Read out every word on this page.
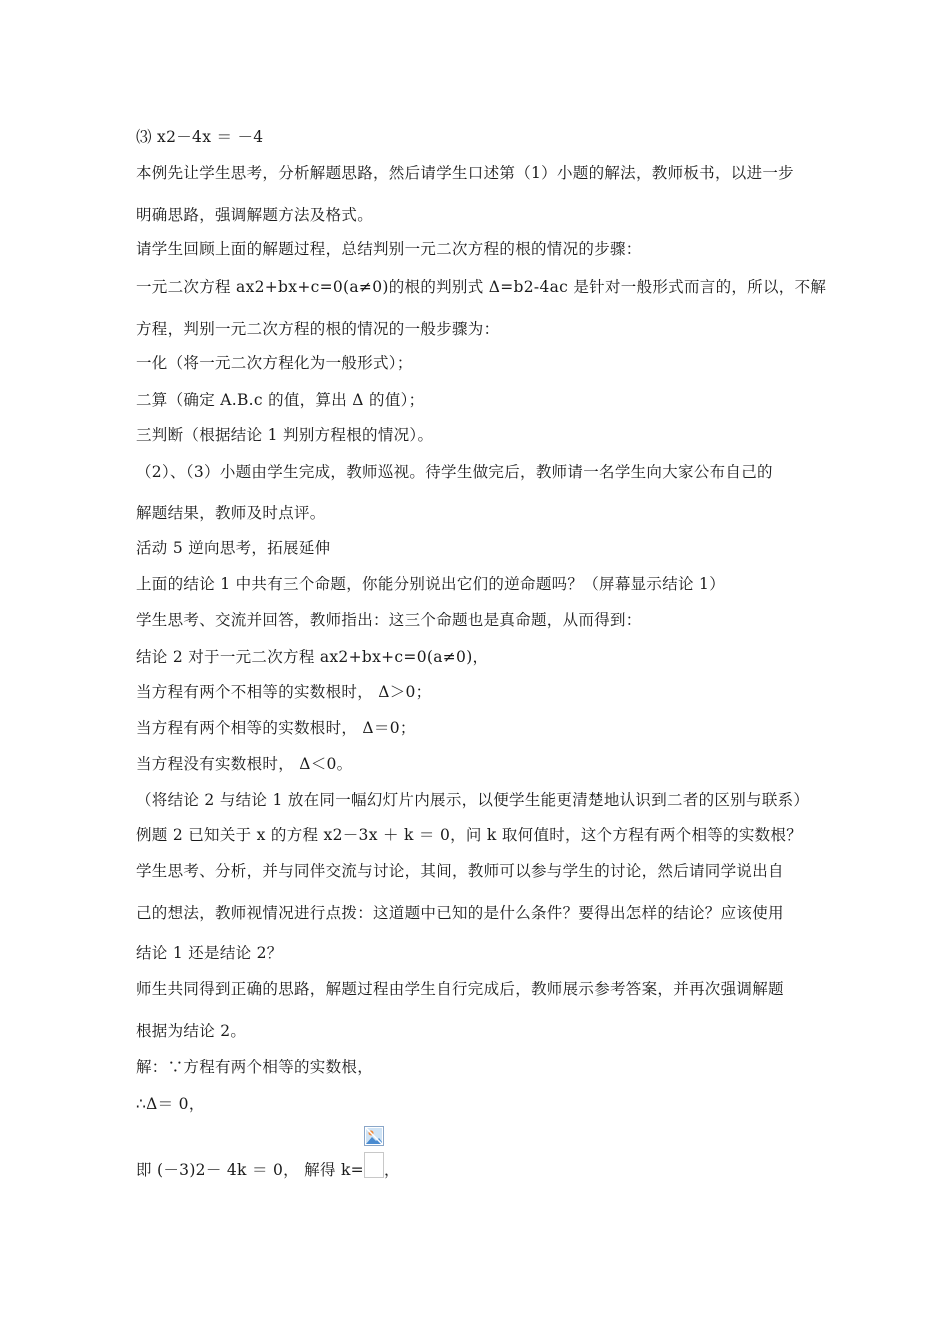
⑶ x2－4x ＝ －4
本例先让学生思考，分析解题思路，然后请学生口述第（1）小题的解法，教师板书，以进一步
明确思路，强调解题方法及格式。
请学生回顾上面的解题过程，总结判别一元二次方程的根的情况的步骤：
一元二次方程 ax2+bx+c=0(a≠0)的根的判别式 Δ=b2-4ac 是针对一般形式而言的，所以，不解
方程，判别一元二次方程的根的情况的一般步骤为：
一化（将一元二次方程化为一般形式）；
二算（确定 A.B.c 的值，算出 Δ 的值）；
三判断（根据结论 1 判别方程根的情况）。
（2）、（3）小题由学生完成，教师巡视。待学生做完后，教师请一名学生向大家公布自己的
解题结果，教师及时点评。
活动 5 逆向思考，拓展延伸
上面的结论 1 中共有三个命题，你能分别说出它们的逆命题吗？（屏幕显示结论 1）
学生思考、交流并回答，教师指出：这三个命题也是真命题，从而得到：
结论 2 对于一元二次方程 ax2+bx+c=0(a≠0)，
当方程有两个不相等的实数根时， Δ＞0；
当方程有两个相等的实数根时， Δ＝0；
当方程没有实数根时， Δ＜0。
（将结论 2 与结论 1 放在同一幅幻灯片内展示，以便学生能更清楚地认识到二者的区别与联系）
例题 2 已知关于 x 的方程 x2－3x ＋ k ＝ 0，问 k 取何值时，这个方程有两个相等的实数根？
学生思考、分析，并与同伴交流与讨论，其间，教师可以参与学生的讨论，然后请同学说出自
己的想法，教师视情况进行点拨：这道题中已知的是什么条件？要得出怎样的结论？应该使用
结论 1 还是结论 2？
师生共同得到正确的思路，解题过程由学生自行完成后，教师展示参考答案，并再次强调解题
根据为结论 2。
解：∵方程有两个相等的实数根，
∴Δ＝ 0，
即 (－3)2－ 4k ＝ 0， 解得 k= ，
